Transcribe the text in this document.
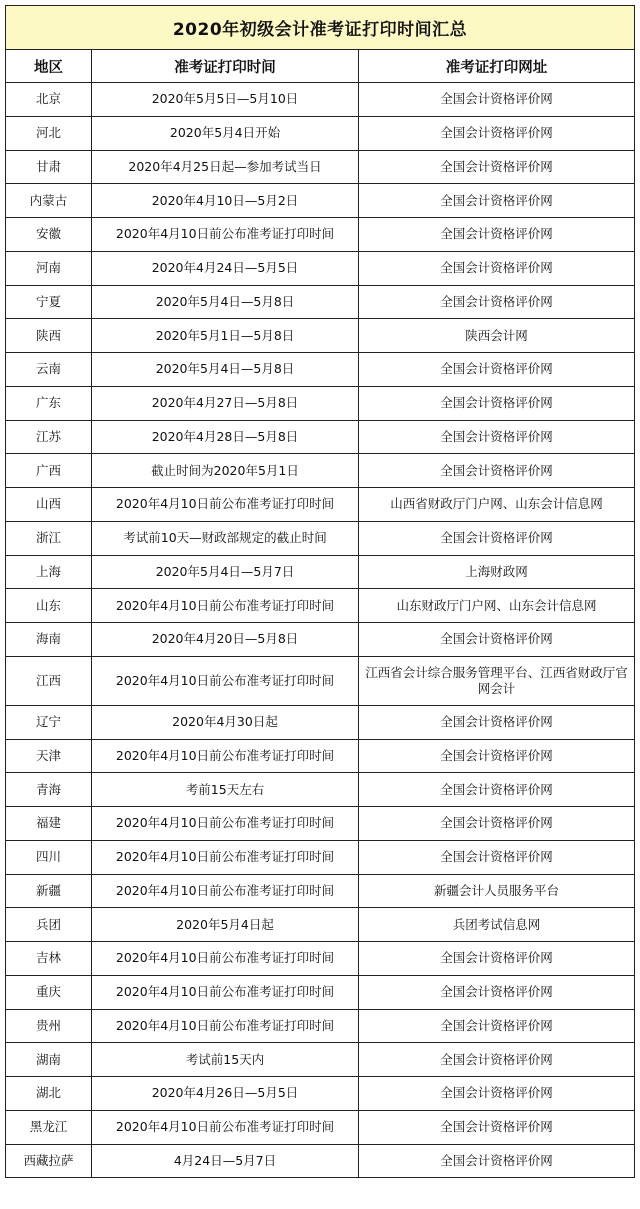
2020年初级会计准考证打印时间汇总		
地区	准考证打印时间	准考证打印网址
北京	2020年5月5日—5月10日	全国会计资格评价网
河北	2020年5月4日开始	全国会计资格评价网
甘肃	2020年4月25日起—参加考试当日	全国会计资格评价网
内蒙古	2020年4月10日—5月2日	全国会计资格评价网
安徽	2020年4月10日前公布准考证打印时间	全国会计资格评价网
河南	2020年4月24日—5月5日	全国会计资格评价网
宁夏	2020年5月4日—5月8日	全国会计资格评价网
陕西	2020年5月1日—5月8日	陕西会计网
云南	2020年5月4日—5月8日	全国会计资格评价网
广东	2020年4月27日—5月8日	全国会计资格评价网
江苏	2020年4月28日—5月8日	全国会计资格评价网
广西	截止时间为2020年5月1日	全国会计资格评价网
山西	2020年4月10日前公布准考证打印时间	山西省财政厅门户网、山东会计信息网
浙江	考试前10天—财政部规定的截止时间	全国会计资格评价网
上海	2020年5月4日—5月7日	上海财政网
山东	2020年4月10日前公布准考证打印时间	山东财政厅门户网、山东会计信息网
海南	2020年4月20日—5月8日	全国会计资格评价网
江西	2020年4月10日前公布准考证打印时间	江西省会计综合服务管理平台、江西省财政厅官网会计
辽宁	2020年4月30日起	全国会计资格评价网
天津	2020年4月10日前公布准考证打印时间	全国会计资格评价网
青海	考前15天左右	全国会计资格评价网
福建	2020年4月10日前公布准考证打印时间	全国会计资格评价网
四川	2020年4月10日前公布准考证打印时间	全国会计资格评价网
新疆	2020年4月10日前公布准考证打印时间	新疆会计人员服务平台
兵团	2020年5月4日起	兵团考试信息网
吉林	2020年4月10日前公布准考证打印时间	全国会计资格评价网
重庆	2020年4月10日前公布准考证打印时间	全国会计资格评价网
贵州	2020年4月10日前公布准考证打印时间	全国会计资格评价网
湖南	考试前15天内	全国会计资格评价网
湖北	2020年4月26日—5月5日	全国会计资格评价网
黑龙江	2020年4月10日前公布准考证打印时间	全国会计资格评价网
西藏拉萨	4月24日—5月7日	全国会计资格评价网
